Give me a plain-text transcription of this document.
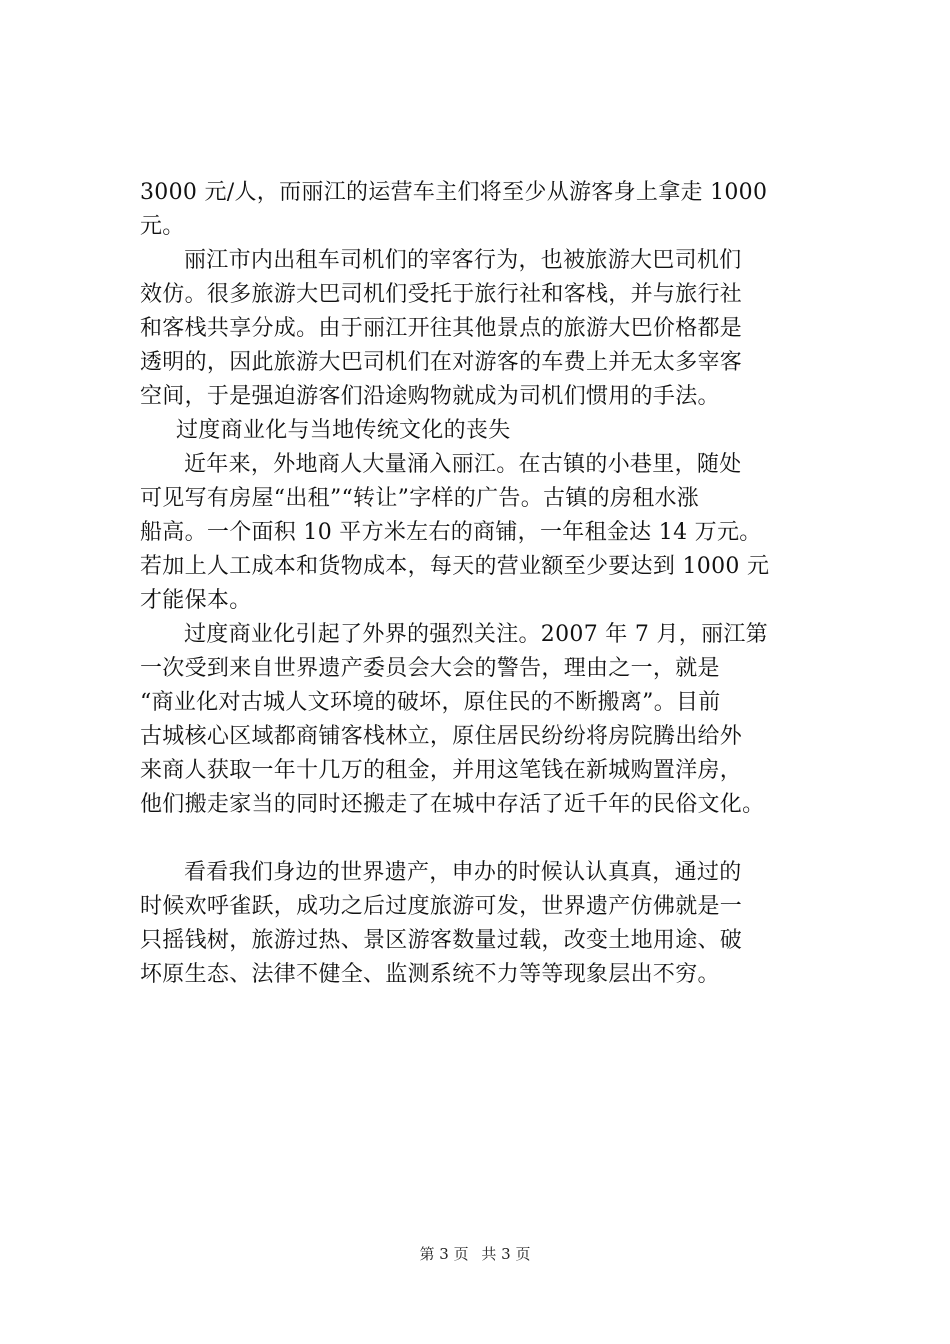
3000 元/人，而丽江的运营车主们将至少从游客身上拿走 1000
元。
丽江市内出租车司机们的宰客行为，也被旅游大巴司机们
效仿。很多旅游大巴司机们受托于旅行社和客栈，并与旅行社
和客栈共享分成。由于丽江开往其他景点的旅游大巴价格都是
透明的，因此旅游大巴司机们在对游客的车费上并无太多宰客
空间，于是强迫游客们沿途购物就成为司机们惯用的手法。
过度商业化与当地传统文化的丧失
近年来，外地商人大量涌入丽江。在古镇的小巷里，随处
可见写有房屋“出租”“转让”字样的广告。古镇的房租水涨
船高。一个面积 10 平方米左右的商铺，一年租金达 14 万元。
若加上人工成本和货物成本，每天的营业额至少要达到 1000 元
才能保本。
过度商业化引起了外界的强烈关注。2007 年 7 月，丽江第
一次受到来自世界遗产委员会大会的警告，理由之一，就是
“商业化对古城人文环境的破坏，原住民的不断搬离”。目前
古城核心区域都商铺客栈林立，原住居民纷纷将房院腾出给外
来商人获取一年十几万的租金，并用这笔钱在新城购置洋房，
他们搬走家当的同时还搬走了在城中存活了近千年的民俗文化。
看看我们身边的世界遗产，申办的时候认认真真，通过的
时候欢呼雀跃，成功之后过度旅游可发，世界遗产仿佛就是一
只摇钱树，旅游过热、景区游客数量过载，改变土地用途、破
坏原生态、法律不健全、监测系统不力等等现象层出不穷。
第 3 页 共 3 页
